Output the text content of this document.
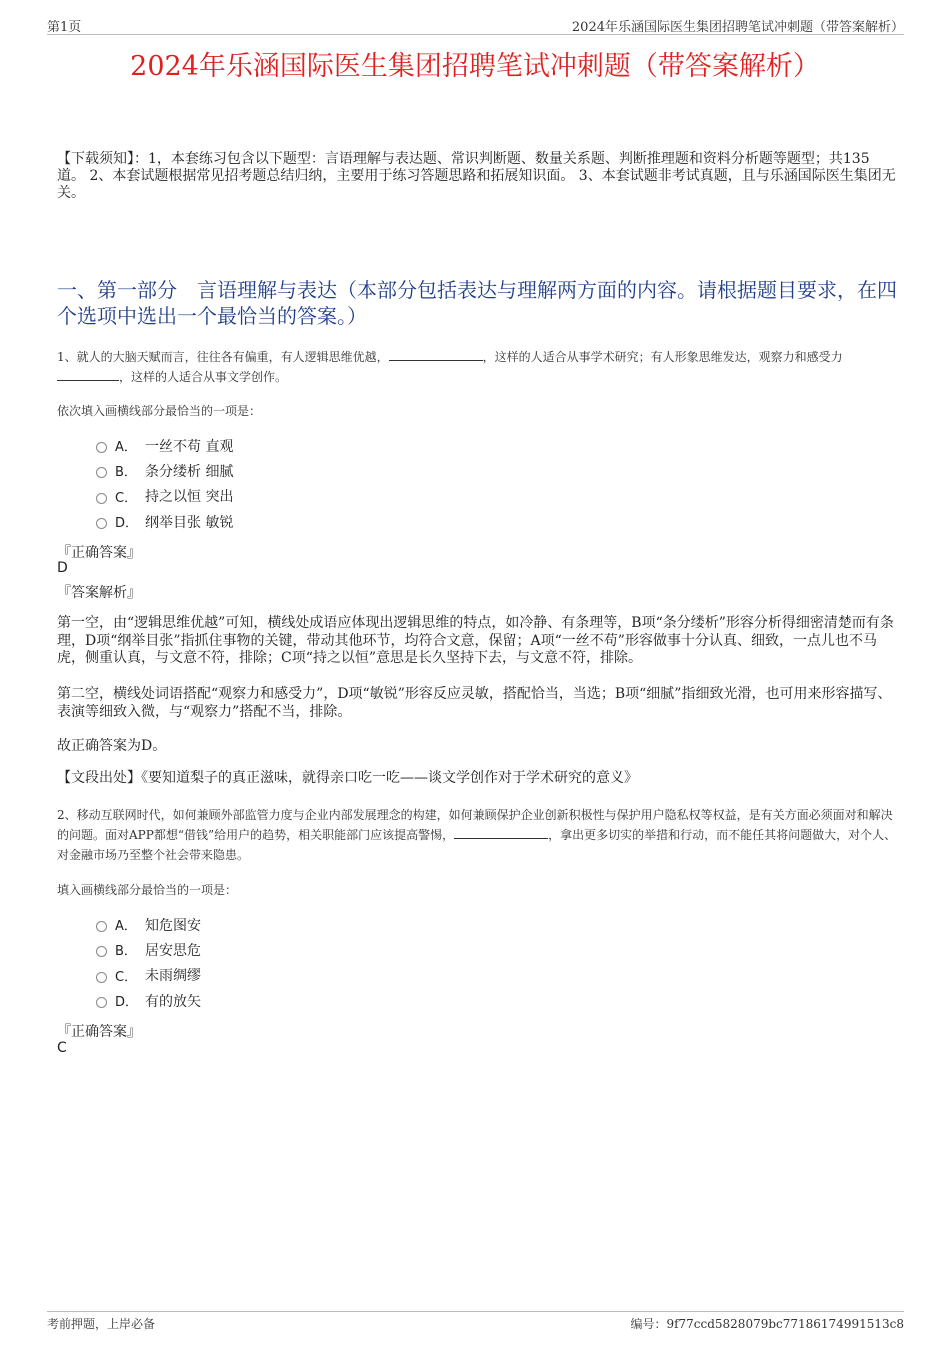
第1页	2024年乐涵国际医生集团招聘笔试冲刺题（带答案解析）
2024年乐涵国际医生集团招聘笔试冲刺题（带答案解析）
【下载须知】：1，本套练习包含以下题型：言语理解与表达题、常识判断题、数量关系题、判断推理题和资料分析题等题型；共135道。 2、本套试题根据常见招考题总结归纳，主要用于练习答题思路和拓展知识面。 3、本套试题非考试真题，且与乐涵国际医生集团无关。
一、第一部分　言语理解与表达（本部分包括表达与理解两方面的内容。请根据题目要求，在四个选项中选出一个最恰当的答案。）
1、就人的大脑天赋而言，往往各有偏重，有人逻辑思维优越，	，这样的人适合从事学术研究；有人形象思维发达，观察力和感受力，这样的人适合从事文学创作。
依次填入画横线部分最恰当的一项是：
A． 一丝不苟 直观
B． 条分缕析 细腻
C． 持之以恒 突出
D． 纲举目张 敏锐
『正确答案』
D
『答案解析』
第一空，由“逻辑思维优越”可知，横线处成语应体现出逻辑思维的特点，如冷静、有条理等，B项“条分缕析”形容分析得细密清楚而有条理，D项“纲举目张”指抓住事物的关键，带动其他环节，均符合文意，保留；A项“一丝不苟”形容做事十分认真、细致，一点儿也不马虎，侧重认真，与文意不符，排除；C项“持之以恒”意思是长久坚持下去，与文意不符，排除。
第二空，横线处词语搭配“观察力和感受力”，D项“敏锐”形容反应灵敏，搭配恰当，当选；B项“细腻”指细致光滑，也可用来形容描写、表演等细致入微，与“观察力”搭配不当，排除。
故正确答案为D。
【文段出处】《要知道梨子的真正滋味，就得亲口吃一吃——谈文学创作对于学术研究的意义》
2、移动互联网时代，如何兼顾外部监管力度与企业内部发展理念的构建，如何兼顾保护企业创新积极性与保护用户隐私权等权益，是有关方面必须面对和解决的问题。面对APP都想“借钱”给用户的趋势，相关职能部门应该提高警惕，	，拿出更多切实的举措和行动，而不能任其将问题做大，对个人、对金融市场乃至整个社会带来隐患。
填入画横线部分最恰当的一项是：
A． 知危图安
B． 居安思危
C． 未雨绸缪
D． 有的放矢
『正确答案』
C
考前押题，上岸必备	编号：9f77ccd5828079bc77186174991513c8
